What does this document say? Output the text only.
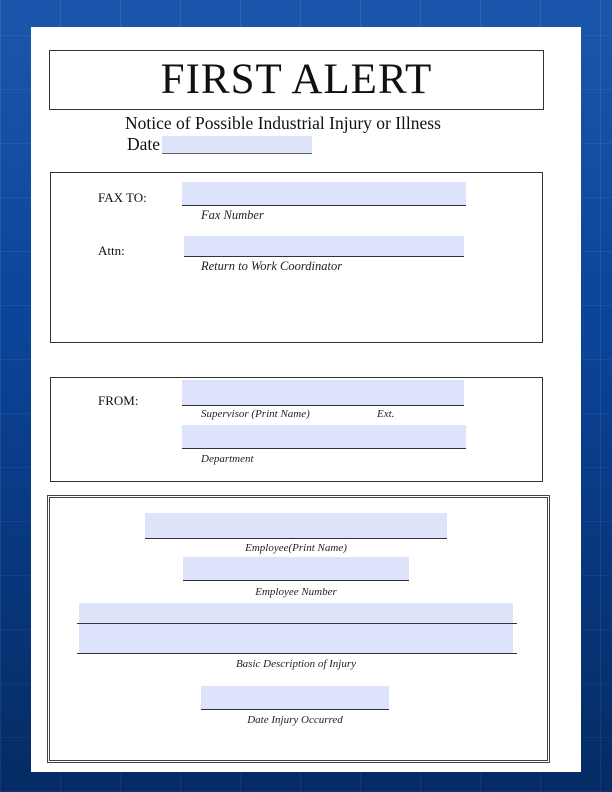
FIRST ALERT
Notice of Possible Industrial Injury or Illness
Date
FAX TO:
Fax Number
Attn:
Return to Work Coordinator
FROM:
Supervisor (Print Name)	Ext.
Department
Employee(Print Name)
Employee Number
Basic Description of Injury
Date Injury Occurred
